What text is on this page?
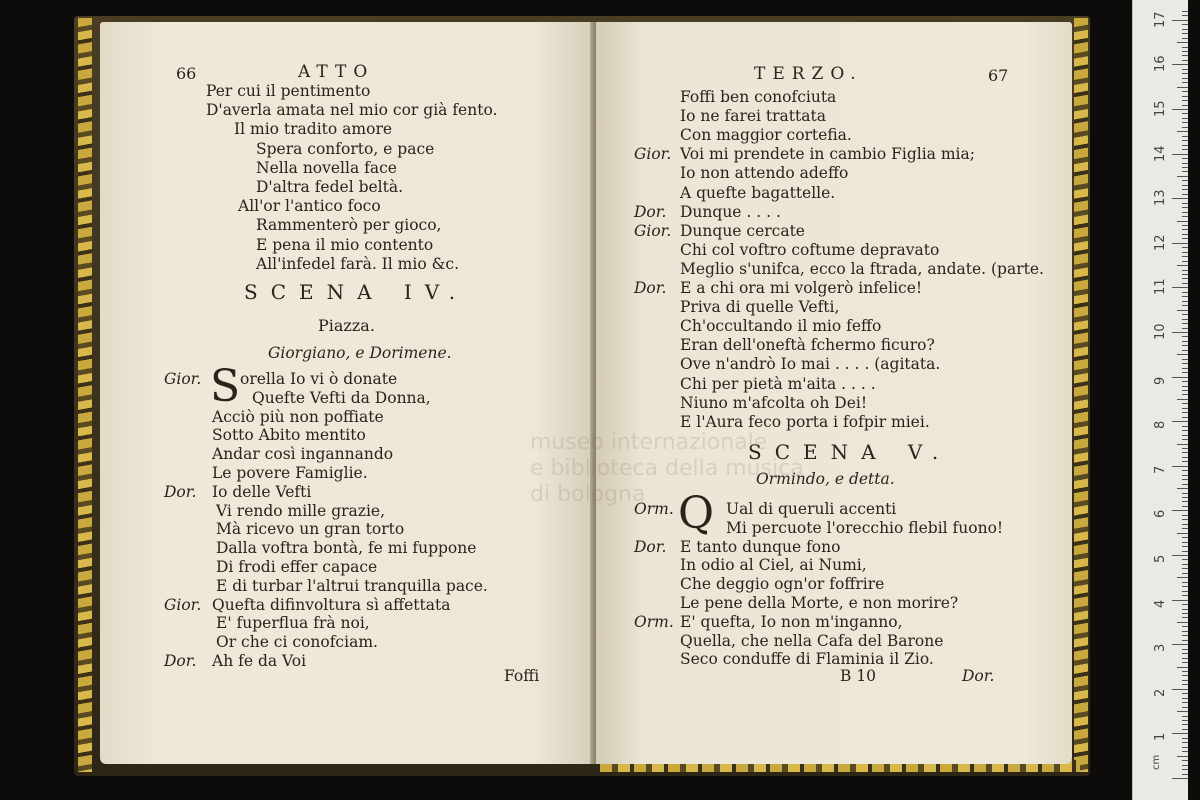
66	ATTO
Per cui il pentimento
D'averla amata nel mio cor già fento.
Il mio tradito amore
Spera conforto, e pace
Nella novella face
D'altra fedel beltà.
All'or l'antico foco
Rammenterò per gioco,
E pena il mio contento
All'infedel farà. Il mio &c.
SCENA IV.
Piazza.
Giorgiano, e Dorimene.
S
Gior. orella Io vi ò donate
Quefte Vefti da Donna,
Acciò più non poffiate
Sotto Abito mentito
Andar così ingannando
Le povere Famiglie.
Dor. Io delle Vefti
Vi rendo mille grazie,
Mà ricevo un gran torto
Dalla voftra bontà, fe mi fuppone
Di frodi effer capace
E di turbar l'altrui tranquilla pace.
Gior. Quefta difinvoltura sì affettata
E' fuperflua frà noi,
Or che ci conofciam.
Dor. Ah fe da Voi
Foffi
TERZO.	67
Foffi ben conofciuta
Io ne farei trattata
Con maggior cortefia.
Gior. Voi mi prendete in cambio Figlia mia;
Io non attendo adeffo
A quefte bagattelle.
Dor. Dunque . . . .
Gior. Dunque cercate
Chi col voftro coftume depravato
Meglio s'unifca, ecco la ftrada, andate. (parte.
Dor. E a chi ora mi volgerò infelice!
Priva di quelle Vefti,
Ch'occultando il mio feffo
Eran dell'oneftà fchermo ficuro?
Ove n'andrò Io mai . . . . (agitata.
Chi per pietà m'aita . . . .
Niuno m'afcolta oh Dei!
E l'Aura feco porta i fofpir miei.
SCENA V.
Ormindo, e detta.
Q
Orm.	Ual di queruli accenti
Mi percuote l'orecchio flebil fuono!
Dor. E tanto dunque fono
In odio al Ciel, ai Numi,
Che deggio ogn'or foffrire
Le pene della Morte, e non morire?
Orm. E' quefta, Io non m'inganno,
Quella, che nella Cafa del Barone
Seco conduffe di Flaminia il Zio.
B 10	Dor.
museo internazionale
e biblioteca della musica
di bologna
cm
1
2
3
4
5
6
7
8
9
10
11
12
13
14
15
16
17
